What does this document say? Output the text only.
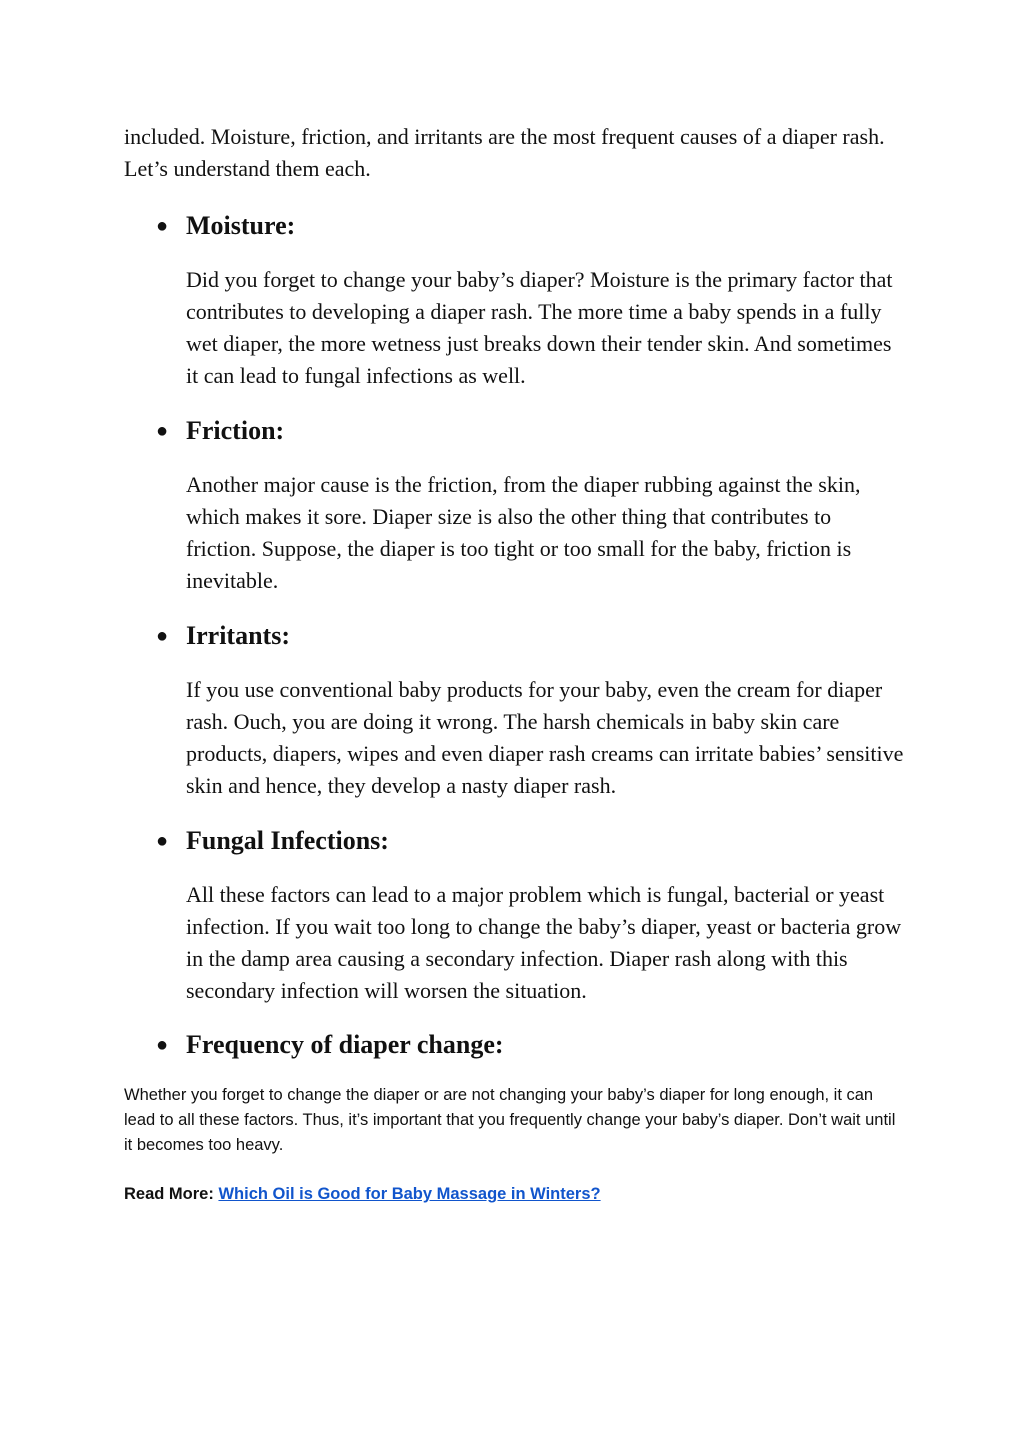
included. Moisture, friction, and irritants are the most frequent causes of a diaper rash. Let’s understand them each.

● Moisture:

Did you forget to change your baby’s diaper? Moisture is the primary factor that contributes to developing a diaper rash. The more time a baby spends in a fully wet diaper, the more wetness just breaks down their tender skin. And sometimes it can lead to fungal infections as well.

● Friction:

Another major cause is the friction, from the diaper rubbing against the skin, which makes it sore. Diaper size is also the other thing that contributes to friction. Suppose, the diaper is too tight or too small for the baby, friction is inevitable.

● Irritants:

If you use conventional baby products for your baby, even the cream for diaper rash. Ouch, you are doing it wrong. The harsh chemicals in baby skin care products, diapers, wipes and even diaper rash creams can irritate babies’ sensitive skin and hence, they develop a nasty diaper rash.

● Fungal Infections:

All these factors can lead to a major problem which is fungal, bacterial or yeast infection. If you wait too long to change the baby’s diaper, yeast or bacteria grow in the damp area causing a secondary infection. Diaper rash along with this secondary infection will worsen the situation.

● Frequency of diaper change:

Whether you forget to change the diaper or are not changing your baby’s diaper for long enough, it can lead to all these factors. Thus, it’s important that you frequently change your baby’s diaper. Don’t wait until it becomes too heavy.

Read More: Which Oil is Good for Baby Massage in Winters?
